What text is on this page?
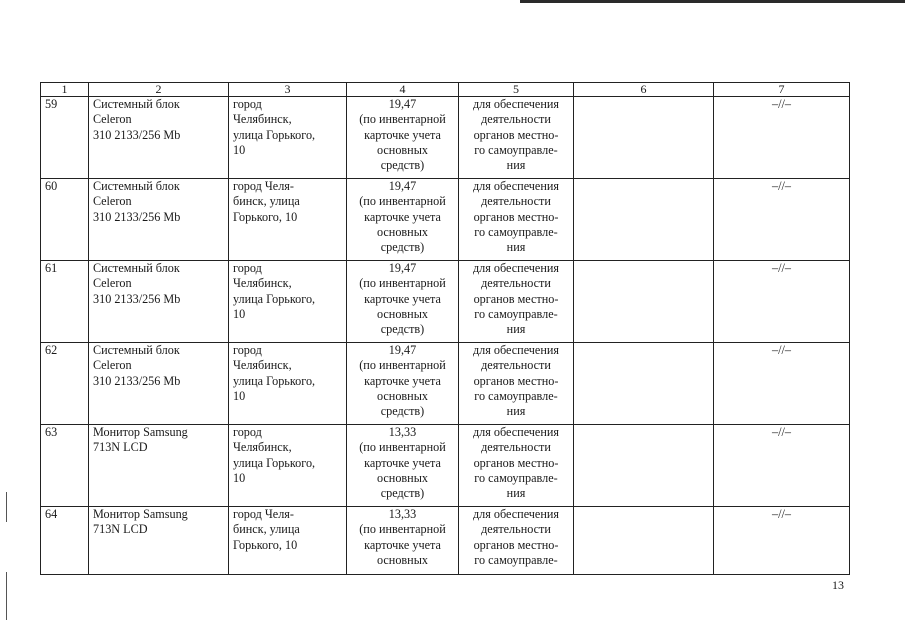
1	2	3	4	5	6	7
59	Системный блок
Celeron
310 2133/256 Mb	город
Челябинск,
улица Горького,
10	19,47
(по инвентарной
карточке учета
основных
средств)	для обеспечения
деятельности
органов местно-
го самоуправле-
ния		–//–
60	Системный блок
Celeron
310 2133/256 Mb	город Челя-
бинск, улица
Горького, 10	19,47
(по инвентарной
карточке учета
основных
средств)	для обеспечения
деятельности
органов местно-
го самоуправле-
ния		–//–
61	Системный блок
Celeron
310 2133/256 Mb	город
Челябинск,
улица Горького,
10	19,47
(по инвентарной
карточке учета
основных
средств)	для обеспечения
деятельности
органов местно-
го самоуправле-
ния		–//–
62	Системный блок
Celeron
310 2133/256 Mb	город
Челябинск,
улица Горького,
10	19,47
(по инвентарной
карточке учета
основных
средств)	для обеспечения
деятельности
органов местно-
го самоуправле-
ния		–//–
63	Монитор Samsung
713N LCD	город
Челябинск,
улица Горького,
10	13,33
(по инвентарной
карточке учета
основных
средств)	для обеспечения
деятельности
органов местно-
го самоуправле-
ния		–//–
64	Монитор Samsung
713N LCD	город Челя-
бинск, улица
Горького, 10	13,33
(по инвентарной
карточке учета
основных	для обеспечения
деятельности
органов местно-
го самоуправле-		–//–
13
